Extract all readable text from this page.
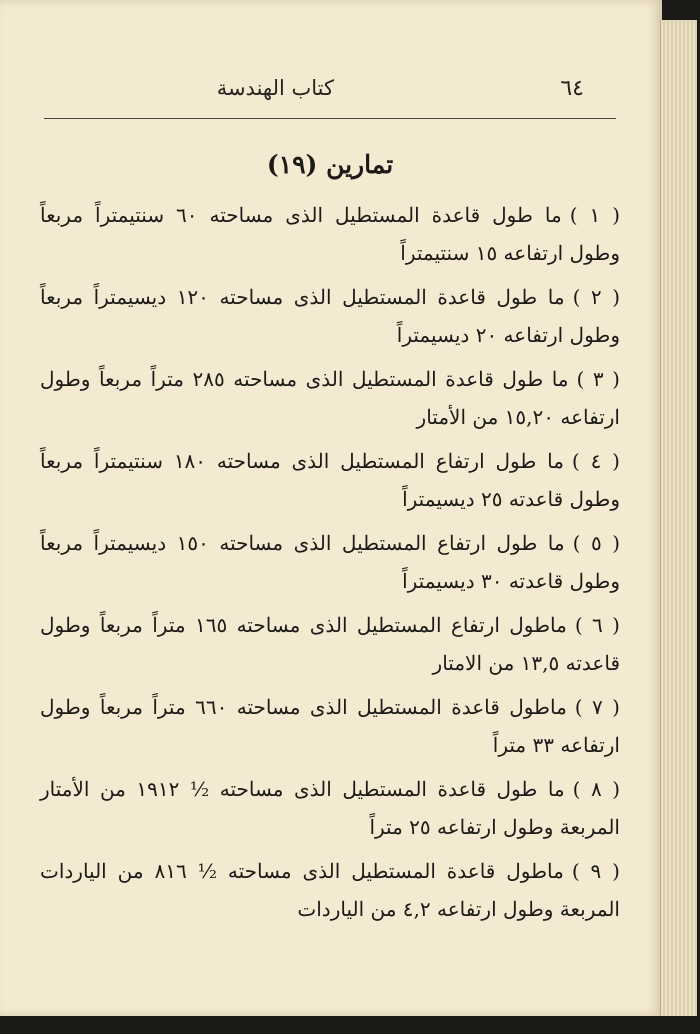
٦٤
كتاب الهندسة
تمارين (١٩)

( ١ )ما طول قاعدة المستطيل الذى مساحته ٦٠ سنتيمتراً مربعاً وطول ارتفاعه ١٥ سنتيمتراً

( ٢ )ما طول قاعدة المستطيل الذى مساحته ١٢٠ ديسيمتراً مربعاً وطول ارتفاعه ٢٠ ديسيمتراً

( ٣ )ما طول قاعدة المستطيل الذى مساحته ٢٨٥ متراً مربعاً وطول ارتفاعه ١٥,٢٠ من الأمتار

( ٤ )ما طول ارتفاع المستطيل الذى مساحته ١٨٠ سنتيمتراً مربعاً وطول قاعدته ٢٥ ديسيمتراً

( ٥ )ما طول ارتفاع المستطيل الذى مساحته ١٥٠ ديسيمتراً مربعاً وطول قاعدته ٣٠ ديسيمتراً

( ٦ )ماطول ارتفاع المستطيل الذى مساحته ١٦٥ متراً مربعاً وطول قاعدته ١٣,٥ من الامتار

( ٧ )ماطول قاعدة المستطيل الذى مساحته ٦٦٠ متراً مربعاً وطول ارتفاعه ٣٣ متراً

( ٨ )ما طول قاعدة المستطيل الذى مساحته ½ ١٩١٢ من الأمتار المربعة وطول ارتفاعه ٢٥ متراً

( ٩ )ماطول قاعدة المستطيل الذى مساحته ½ ٨١٦ من الياردات المربعة وطول ارتفاعه ٤,٢ من الياردات
